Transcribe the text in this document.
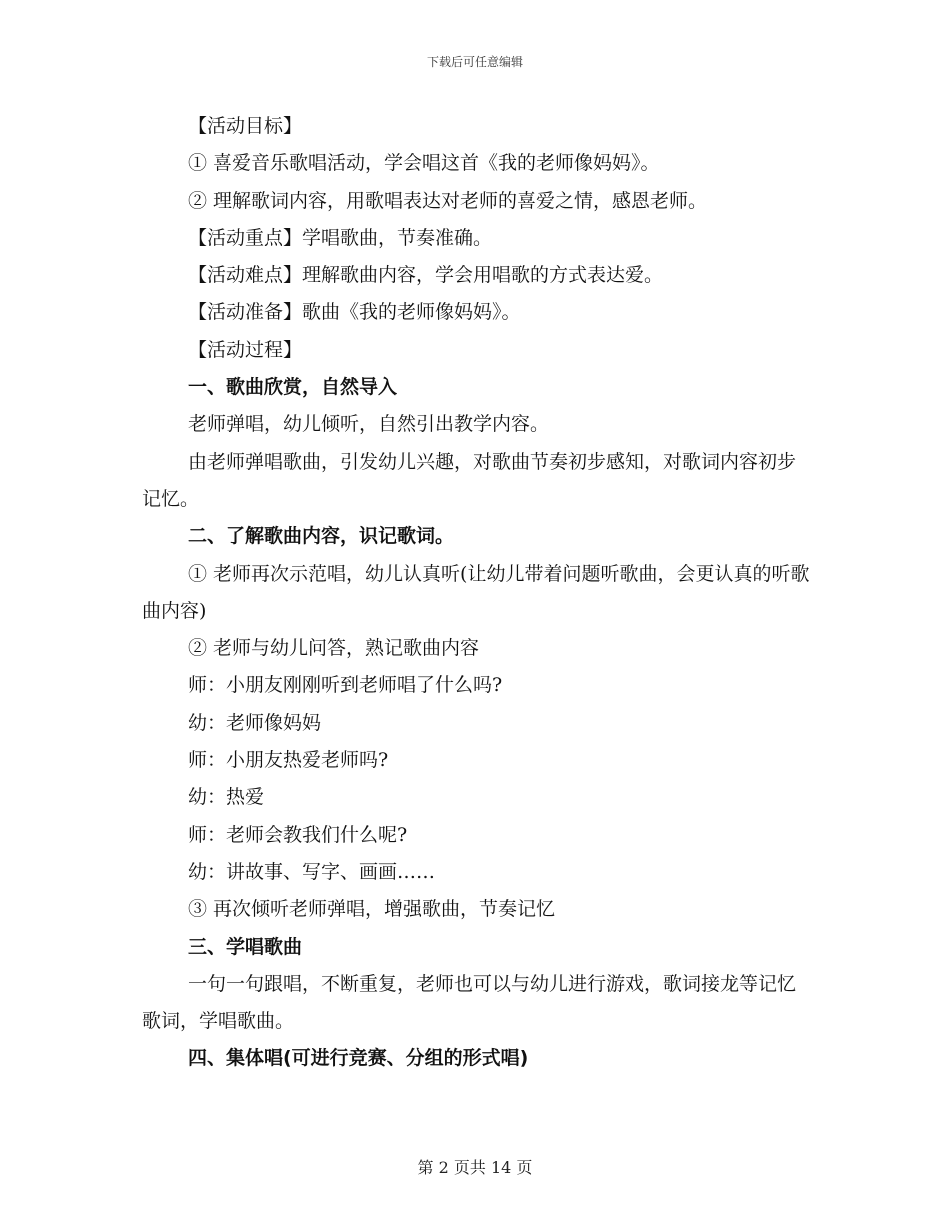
下载后可任意编辑

【活动目标】

① 喜爱音乐歌唱活动，学会唱这首《我的老师像妈妈》。

② 理解歌词内容，用歌唱表达对老师的喜爱之情，感恩老师。

【活动重点】学唱歌曲，节奏准确。

【活动难点】理解歌曲内容，学会用唱歌的方式表达爱。

【活动准备】歌曲《我的老师像妈妈》。

【活动过程】

一、歌曲欣赏，自然导入

老师弹唱，幼儿倾听，自然引出教学内容。

由老师弹唱歌曲，引发幼儿兴趣，对歌曲节奏初步感知，对歌词内容初步记忆。

二、了解歌曲内容，识记歌词。

① 老师再次示范唱，幼儿认真听(让幼儿带着问题听歌曲，会更认真的听歌曲内容)

② 老师与幼儿问答，熟记歌曲内容

师：小朋友刚刚听到老师唱了什么吗?

幼：老师像妈妈

师：小朋友热爱老师吗?

幼：热爱

师：老师会教我们什么呢?

幼：讲故事、写字、画画……

③ 再次倾听老师弹唱，增强歌曲，节奏记忆

三、学唱歌曲

一句一句跟唱，不断重复，老师也可以与幼儿进行游戏，歌词接龙等记忆歌词，学唱歌曲。

四、集体唱(可进行竞赛、分组的形式唱)

第 2 页共 14 页
